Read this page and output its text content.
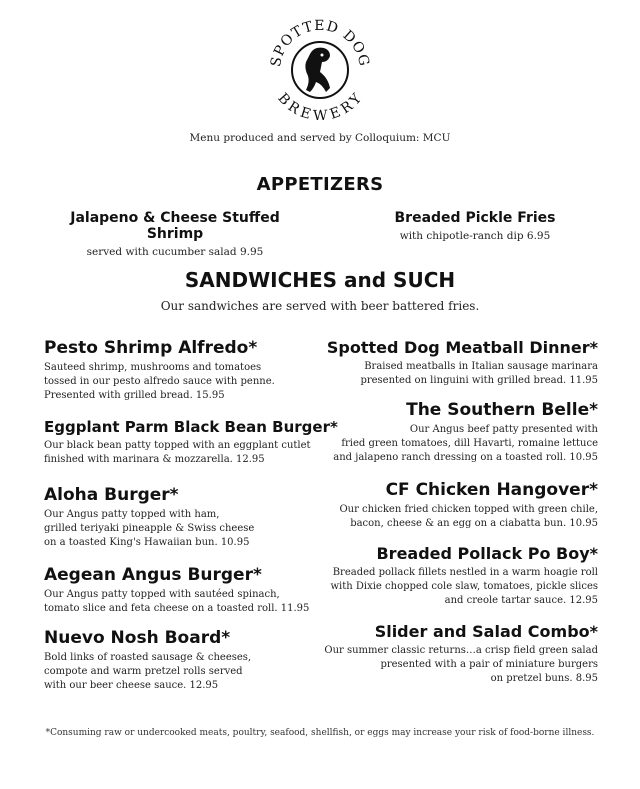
SPOTTED DOG
BREWERY
Menu produced and served by Colloquium: MCU
APPETIZERS
Jalapeno & Cheese Stuffed Shrimp
served with cucumber salad 9.95
Breaded Pickle Fries
with chipotle-ranch dip 6.95
SANDWICHES and SUCH
Our sandwiches are served with beer battered fries.
Pesto Shrimp Alfredo*
Sauteed shrimp, mushrooms and tomatoes
tossed in our pesto alfredo sauce with penne.
Presented with grilled bread. 15.95
Eggplant Parm Black Bean Burger*
Our black bean patty topped with an eggplant cutlet
finished with marinara & mozzarella. 12.95
Aloha Burger*
Our Angus patty topped with ham,
grilled teriyaki pineapple & Swiss cheese
on a toasted King's Hawaiian bun. 10.95
Aegean Angus Burger*
Our Angus patty topped with sautéed spinach,
tomato slice and feta cheese on a toasted roll. 11.95
Nuevo Nosh Board*
Bold links of roasted sausage & cheeses,
compote and warm pretzel rolls served
with our beer cheese sauce. 12.95
Spotted Dog Meatball Dinner*
Braised meatballs in Italian sausage marinara
presented on linguini with grilled bread. 11.95
The Southern Belle*
Our Angus beef patty presented with
fried green tomatoes, dill Havarti, romaine lettuce
and jalapeno ranch dressing on a toasted roll. 10.95
CF Chicken Hangover*
Our chicken fried chicken topped with green chile,
bacon, cheese & an egg on a ciabatta bun. 10.95
Breaded Pollack Po Boy*
Breaded pollack fillets nestled in a warm hoagie roll
with Dixie chopped cole slaw, tomatoes, pickle slices
and creole tartar sauce. 12.95
Slider and Salad Combo*
Our summer classic returns…a crisp field green salad
presented with a pair of miniature burgers
on pretzel buns. 8.95
*Consuming raw or undercooked meats, poultry, seafood, shellfish, or eggs may increase your risk of food-borne illness.
